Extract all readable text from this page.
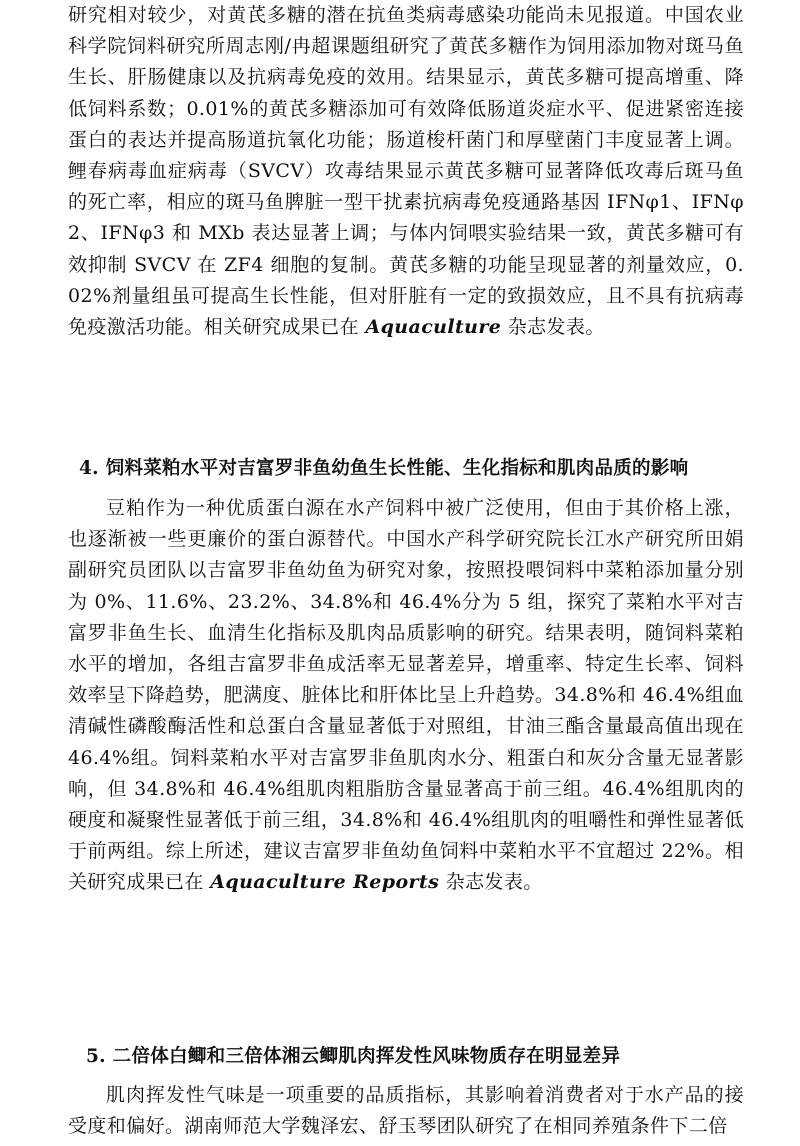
研究相对较少，对黄芪多糖的潜在抗鱼类病毒感染功能尚未见报道。中国农业科学院饲料研究所周志刚/冉超课题组研究了黄芪多糖作为饲用添加物对斑马鱼生长、肝肠健康以及抗病毒免疫的效用。结果显示，黄芪多糖可提高增重、降低饲料系数；0.01%的黄芪多糖添加可有效降低肠道炎症水平、促进紧密连接蛋白的表达并提高肠道抗氧化功能；肠道梭杆菌门和厚壁菌门丰度显著上调。鲤春病毒血症病毒（SVCV）攻毒结果显示黄芪多糖可显著降低攻毒后斑马鱼的死亡率，相应的斑马鱼脾脏一型干扰素抗病毒免疫通路基因 IFNφ1、IFNφ2、IFNφ3 和 MXb 表达显著上调；与体内饲喂实验结果一致，黄芪多糖可有效抑制 SVCV 在 ZF4 细胞的复制。黄芪多糖的功能呈现显著的剂量效应，0.02%剂量组虽可提高生长性能，但对肝脏有一定的致损效应，且不具有抗病毒免疫激活功能。相关研究成果已在 Aquaculture 杂志发表。

4. 饲料菜粕水平对吉富罗非鱼幼鱼生长性能、生化指标和肌肉品质的影响

豆粕作为一种优质蛋白源在水产饲料中被广泛使用，但由于其价格上涨，也逐渐被一些更廉价的蛋白源替代。中国水产科学研究院长江水产研究所田娟副研究员团队以吉富罗非鱼幼鱼为研究对象，按照投喂饲料中菜粕添加量分别为 0%、11.6%、23.2%、34.8%和 46.4%分为 5 组，探究了菜粕水平对吉富罗非鱼生长、血清生化指标及肌肉品质影响的研究。结果表明，随饲料菜粕水平的增加，各组吉富罗非鱼成活率无显著差异，增重率、特定生长率、饲料效率呈下降趋势，肥满度、脏体比和肝体比呈上升趋势。34.8%和 46.4%组血清碱性磷酸酶活性和总蛋白含量显著低于对照组，甘油三酯含量最高值出现在 46.4%组。饲料菜粕水平对吉富罗非鱼肌肉水分、粗蛋白和灰分含量无显著影响，但 34.8%和 46.4%组肌肉粗脂肪含量显著高于前三组。46.4%组肌肉的硬度和凝聚性显著低于前三组，34.8%和 46.4%组肌肉的咀嚼性和弹性显著低于前两组。综上所述，建议吉富罗非鱼幼鱼饲料中菜粕水平不宜超过 22%。相关研究成果已在 Aquaculture Reports 杂志发表。

5. 二倍体白鲫和三倍体湘云鲫肌肉挥发性风味物质存在明显差异

肌肉挥发性气味是一项重要的品质指标，其影响着消费者对于水产品的接受度和偏好。湖南师范大学魏泽宏、舒玉琴团队研究了在相同养殖条件下二倍
